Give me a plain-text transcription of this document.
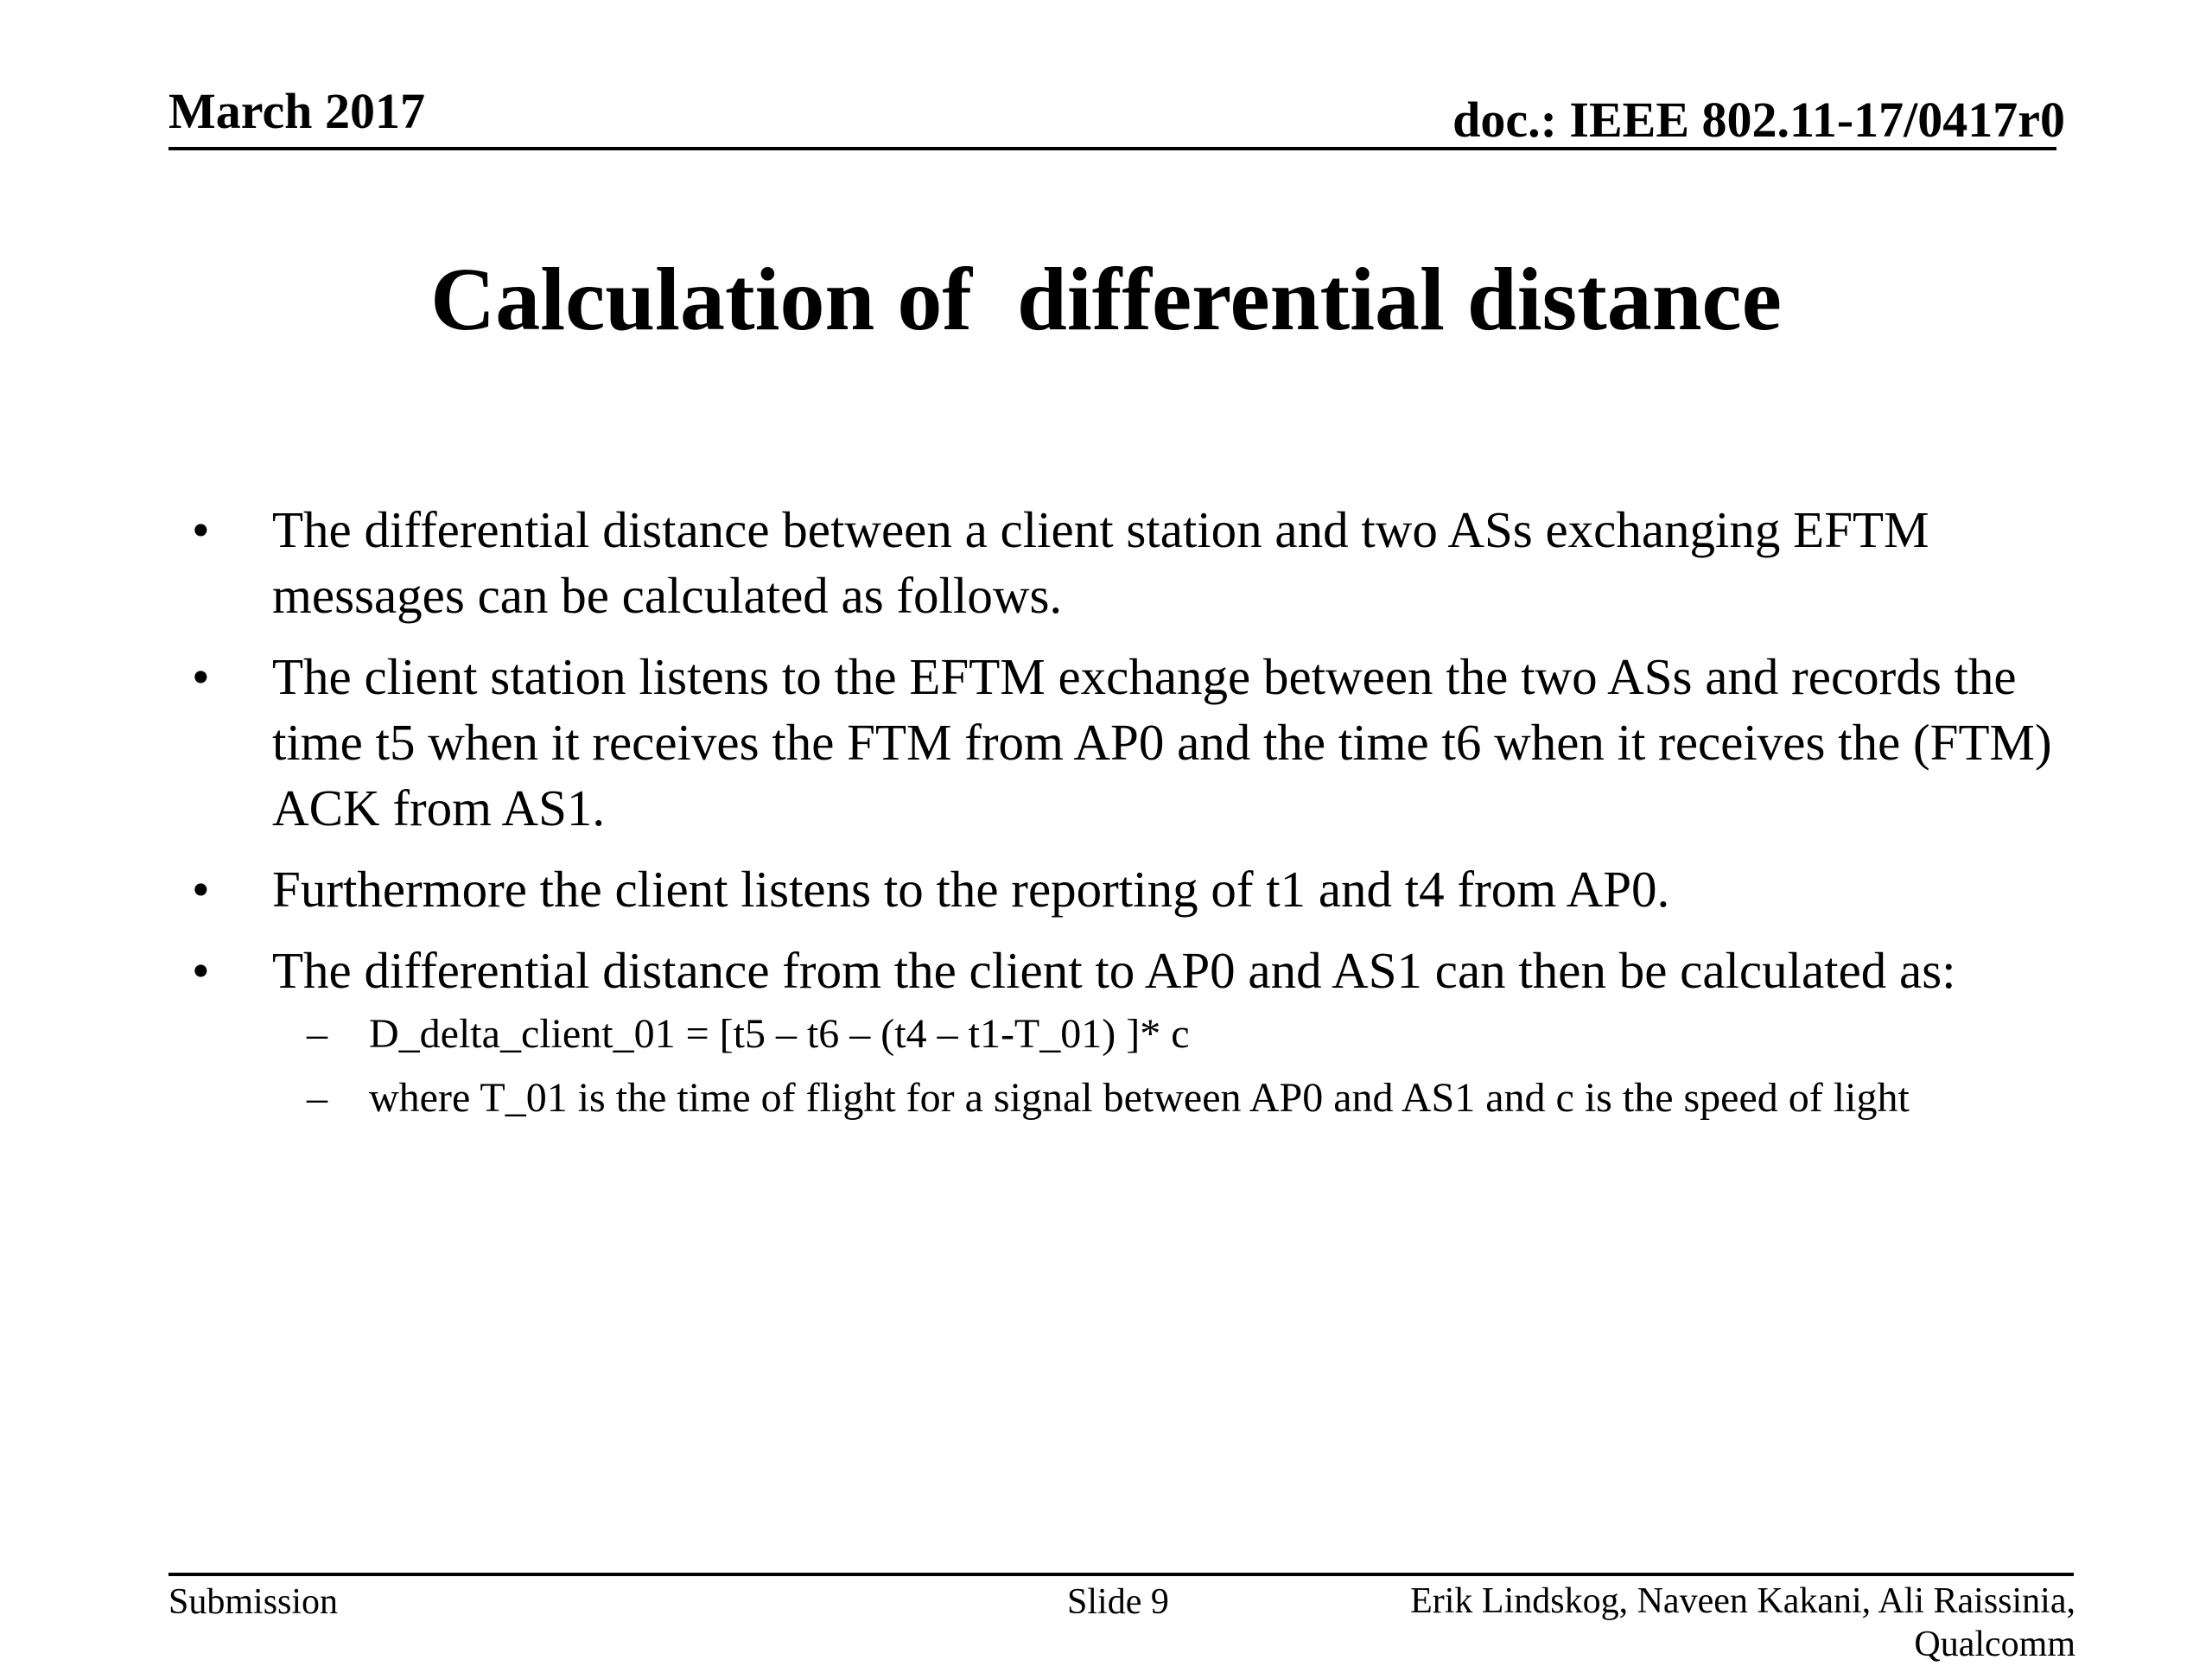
March 2017	doc.: IEEE 802.11-17/0417r0
Calculation of  differential distance
• The differential distance between a client station and two ASs exchanging EFTM messages can be calculated as follows.
• The client station listens to the EFTM exchange between the two ASs and records the time t5 when it receives the FTM from AP0 and the time t6 when it receives the (FTM) ACK from AS1.
• Furthermore the client listens to the reporting of t1 and t4 from AP0.
• The differential distance from the client to AP0 and AS1 can then be calculated as:
– D_delta_client_01 = [t5 – t6 – (t4 – t1-T_01) ]* c
– where T_01 is the time of flight for a signal between AP0 and AS1 and c is the speed of light
Submission	Slide 9	Erik Lindskog, Naveen Kakani, Ali Raissinia,
Qualcomm
